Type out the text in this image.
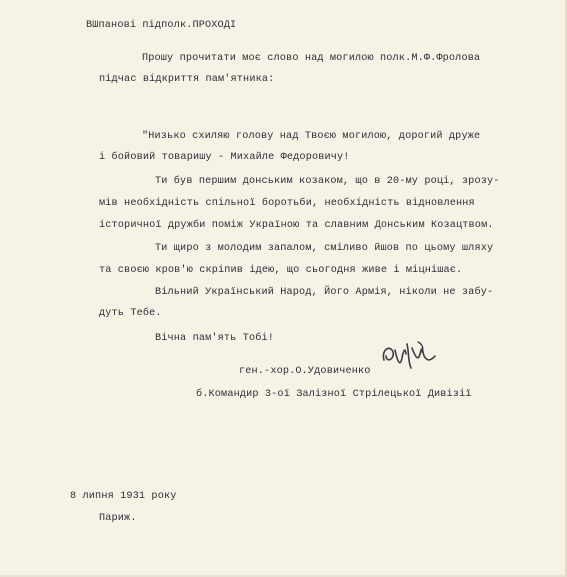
ВШпанові підполк.ПРОХОДІ
Прошу прочитати моє слово над могилою полк.М.Ф.Фролова
підчас відкриття пам'ятника:
"Низько схиляю голову над Твоєю могилою, дорогий друже
і бойовий товаришу - Михайле Федоровичу!
Ти був першим донським козаком, що в 20-му році, зрозу-
мів необхідність спільної боротьби, необхідність відновлення
історичної дружби поміж Україною та славним Донським Козацтвом.
Ти щиро з молодим запалом, сміливо йшов по цьому шляху
та своєю кров'ю скріпив ідею, що сьогодня живе і міцнішає.
Вільний Український Народ, Його Армія, ніколи не забу-
дуть Тебе.
Вічна пам'ять Тобі!
ген.-хор.О.Удовиченко
б.Командир 3-ої Залізної Стрілецької Дивізії
8 липня 1931 року
Париж.
